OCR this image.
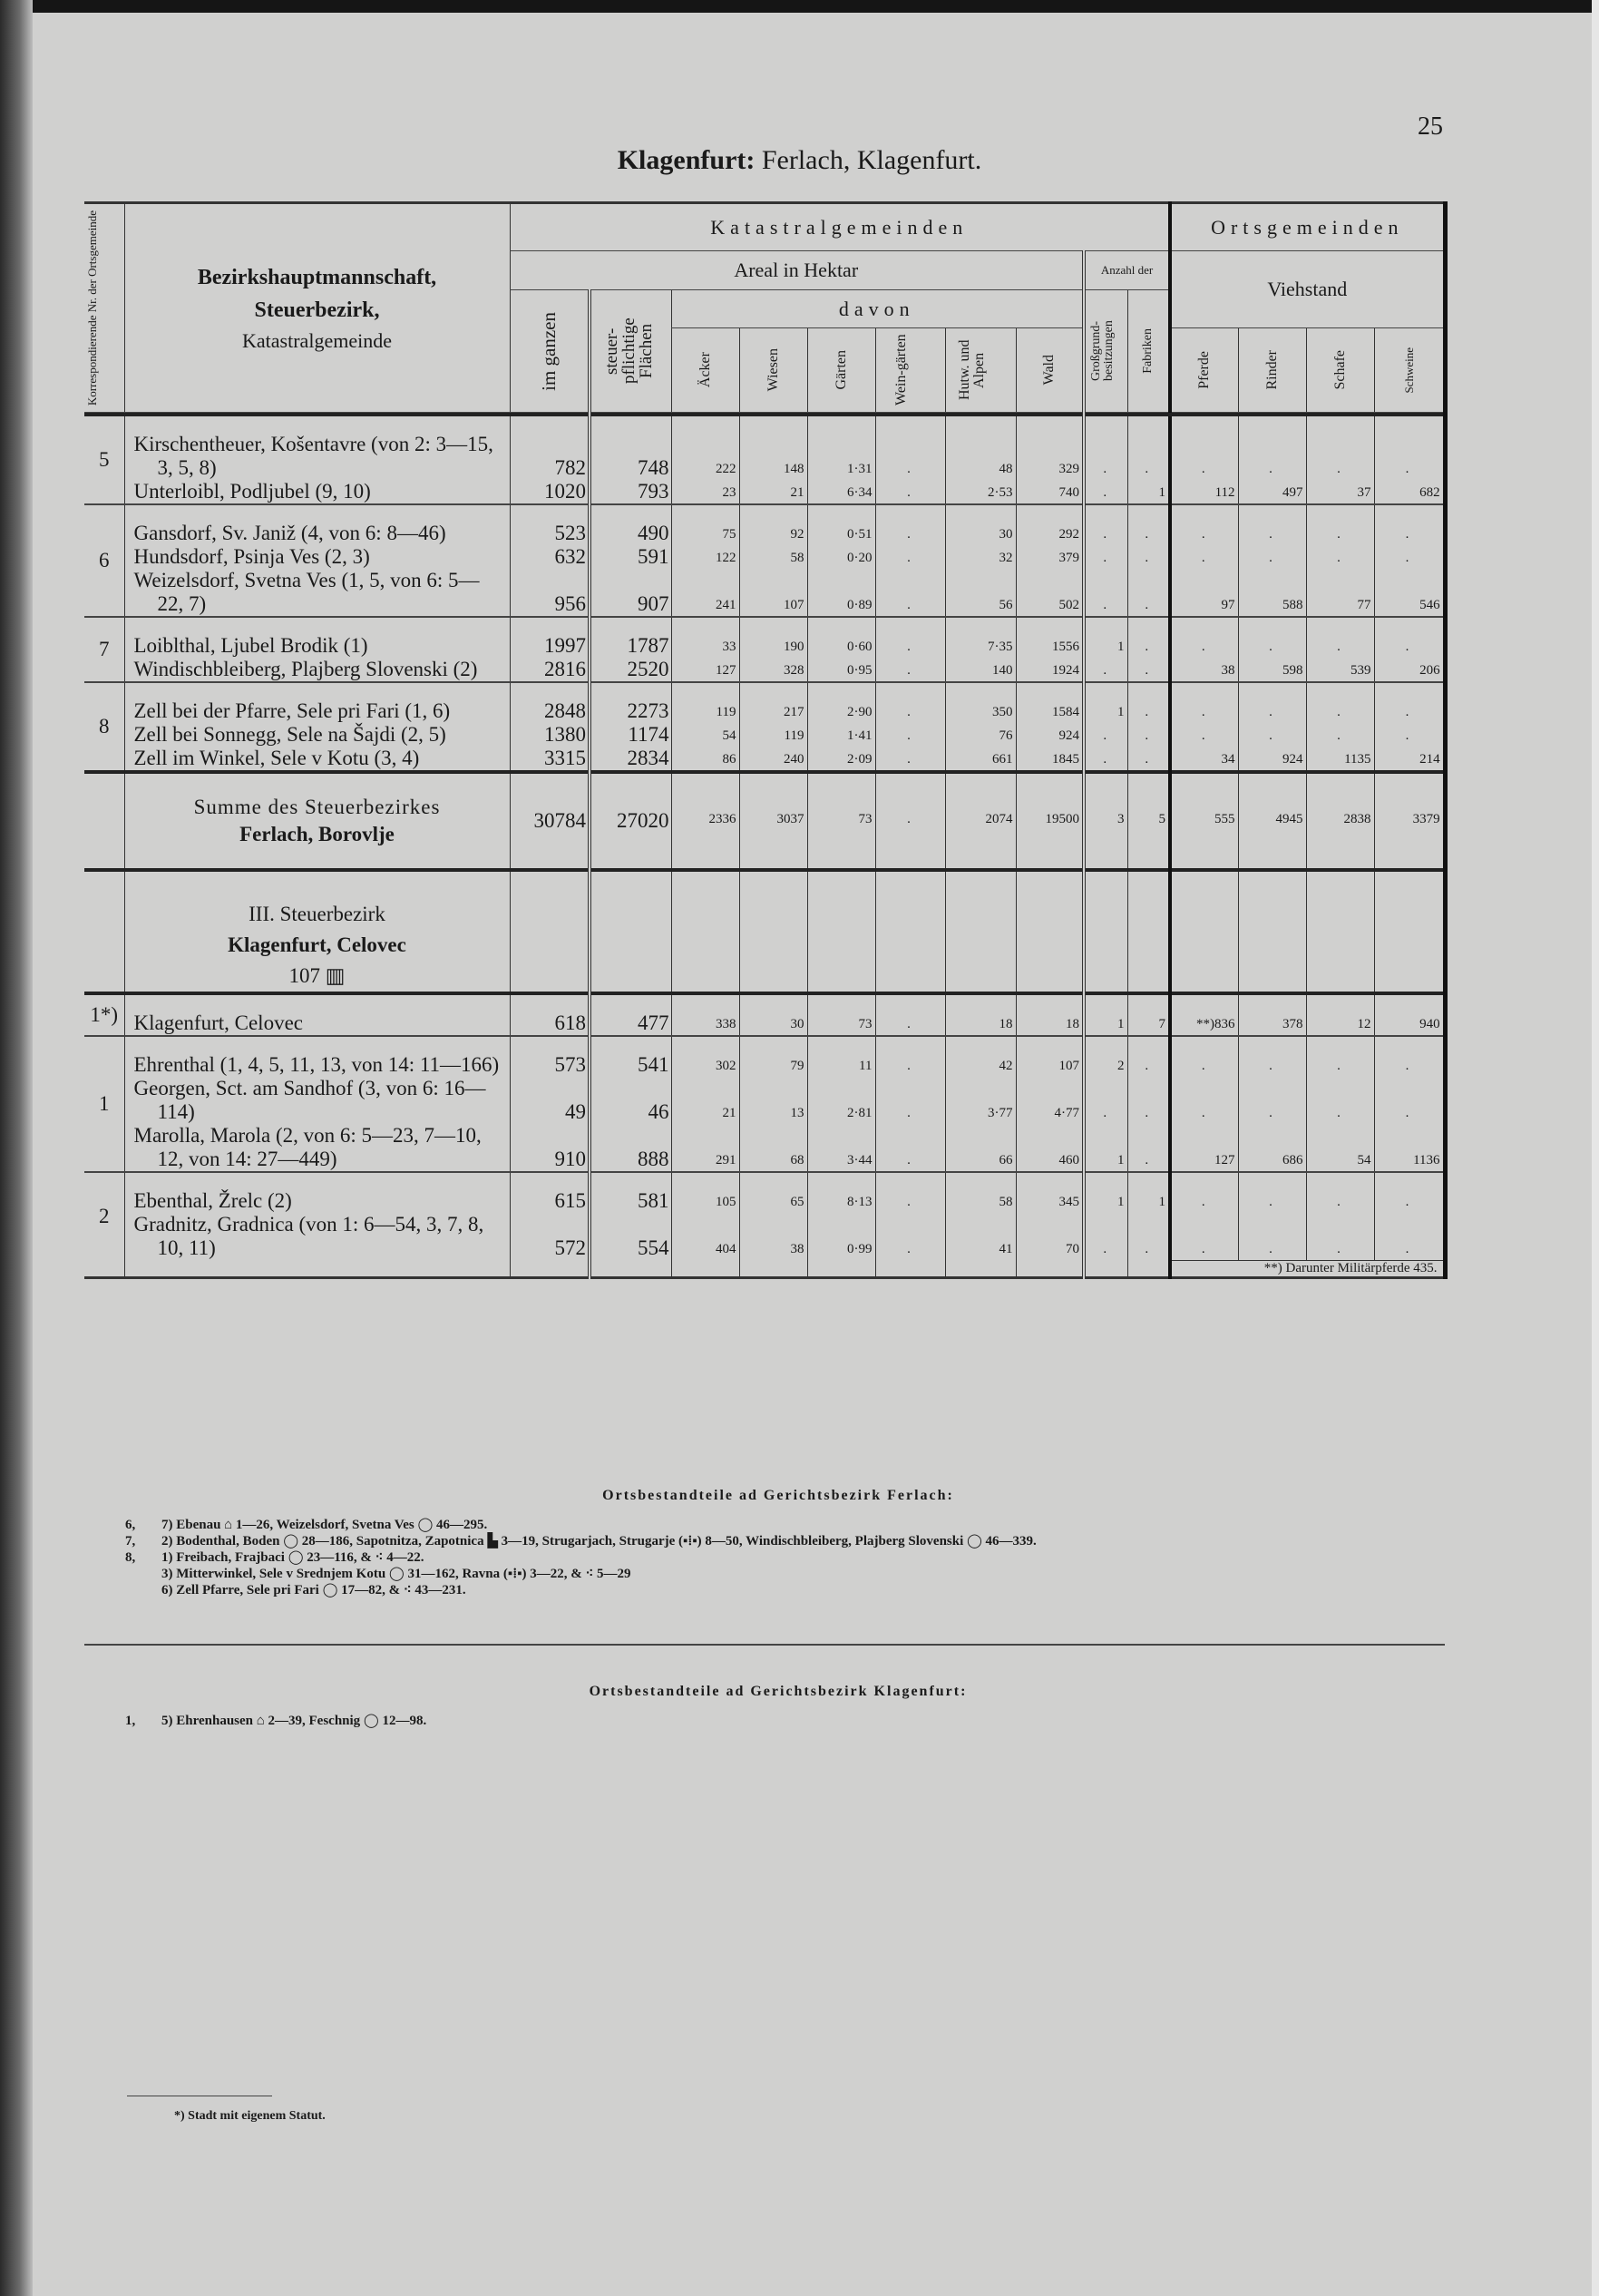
Klagenfurt: Ferlach, Klagenfurt.
25
Korrespondierende Nr. der Ortsgemeinde	Bezirkshauptmannschaft,
Steuerbezirk,
Katastralgemeinde	Katastralgemeinden										Ortsgemeinden			
		Areal in Hektar								Anzahl der		Viehstand			

		im ganzen	steuer-pflichtige Flächen	davon						Großgrund-besitzungen	Fabriken				

				Äcker	Wiesen	Gärten	Wein-gärten	Hutw. und Alpen	Wald			Pferde	Rinder	Schafe	Schweine

5	Kirschentheuer, Košentavre (von 2: 3—15, 3, 5, 8)	782	748	222	148	1·31	.	48	329	.	.	.	.	.	.
	Unterloibl, Podljubel (9, 10)	1020	793	23	21	6·34	.	2·53	740	.	1	112	497	37	682
6	Gansdorf, Sv. Janiž (4, von 6: 8—46)	523	490	75	92	0·51	.	30	292	.	.	.	.	.	.
	Hundsdorf, Psinja Ves (2, 3)	632	591	122	58	0·20	.	32	379	.	.	.	.	.	.
	Weizelsdorf, Svetna Ves (1, 5, von 6: 5—22, 7)	956	907	241	107	0·89	.	56	502	.	.	97	588	77	546
7	Loiblthal, Ljubel Brodik (1)	1997	1787	33	190	0·60	.	7·35	1556	1	.	.	.	.	.
	Windischbleiberg, Plajberg Slovenski (2)	2816	2520	127	328	0·95	.	140	1924	.	.	38	598	539	206
8	Zell bei der Pfarre, Sele pri Fari (1, 6)	2848	2273	119	217	2·90	.	350	1584	1	.	.	.	.	.
	Zell bei Sonnegg, Sele na Šajdi (2, 5)	1380	1174	54	119	1·41	.	76	924	.	.	.	.	.	.
	Zell im Winkel, Sele v Kotu (3, 4)	3315	2834	86	240	2·09	.	661	1845	.	.	34	924	1135	214

	Summe des Steuerbezirkes
Ferlach, Borovlje	30784	27020	2336	3037	73	.	2074	19500	3	5	555	4945	2838	3379

	III. Steuerbezirk
Klagenfurt, Celovec
107 ▥														

1*)	Klagenfurt, Celovec	618	477	338	30	73	.	18	18	1	7	**)836	378	12	940
1	Ehrenthal (1, 4, 5, 11, 13, von 14: 11—166)	573	541	302	79	11	.	42	107	2	.	.	.	.	.
	Georgen, Sct. am Sandhof (3, von 6: 16—114)	49	46	21	13	2·81	.	3·77	4·77	.	.	.	.	.	.
	Marolla, Marola (2, von 6: 5—23, 7—10, 12, von 14: 27—449)	910	888	291	68	3·44	.	66	460	1	.	127	686	54	1136
2	Ebenthal, Žrelc (2)	615	581	105	65	8·13	.	58	345	1	1	.	.	.	.
	Gradnitz, Gradnica (von 1: 6—54, 3, 7, 8, 10, 11)	572	554	404	38	0·99	.	41	70	.	.	.	.	.	.
												**) Darunter Militärpferde 435.			
Ortsbestandteile ad Gerichtsbezirk Ferlach:
6,	7) Ebenau ⌂ 1—26, Weizelsdorf, Svetna Ves ◯ 46—295.
7,	2) Bodenthal, Boden ◯ 28—186, Sapotnitza, Zapotnica ▙ 3—19, Strugarjach, Strugarje (▪⁞▪) 8—50, Windischbleiberg, Plajberg Slovenski ◯ 46—339.
8,	1) Freibach, Frajbaci ◯ 23—116, & ⁖ 4—22.
3) Mitterwinkel, Sele v Srednjem Kotu ◯ 31—162, Ravna (▪⁞▪) 3—22, & ⁖ 5—29
6) Zell Pfarre, Sele pri Fari ◯ 17—82, & ⁖ 43—231.
Ortsbestandteile ad Gerichtsbezirk Klagenfurt:
1,	5) Ehrenhausen ⌂ 2—39, Feschnig ◯ 12—98.
*) Stadt mit eigenem Statut.
